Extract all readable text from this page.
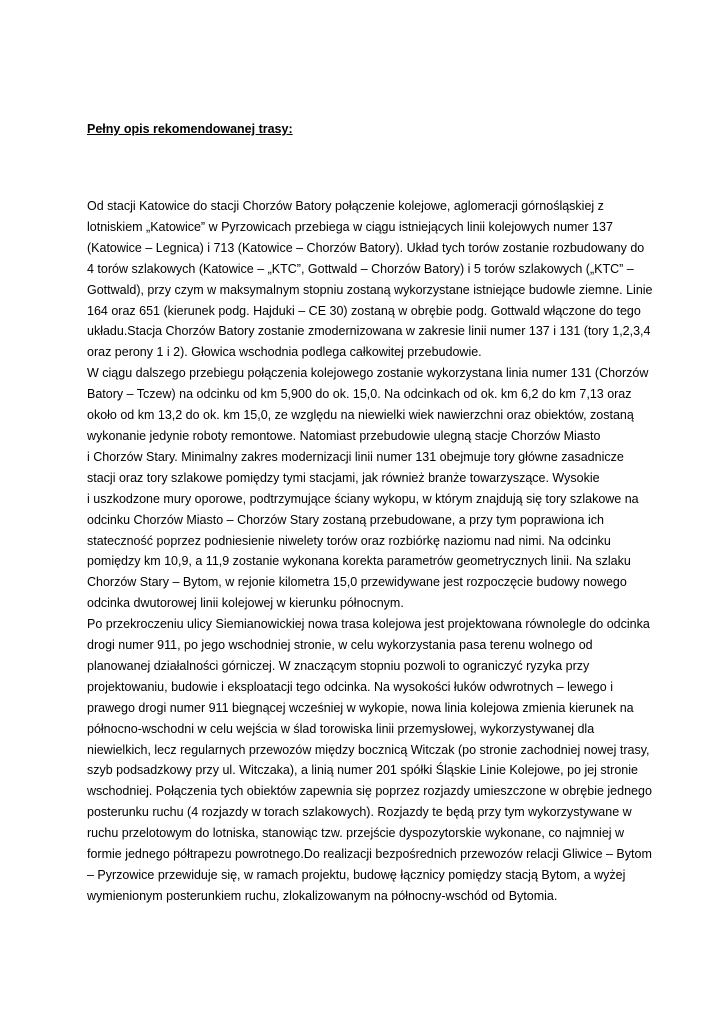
Pełny opis rekomendowanej trasy:
Od stacji Katowice do stacji Chorzów Batory połączenie kolejowe, aglomeracji górnośląskiej z
lotniskiem „Katowice” w Pyrzowicach przebiega w ciągu istniejących linii kolejowych numer 137
(Katowice – Legnica) i 713 (Katowice – Chorzów Batory). Układ tych torów zostanie rozbudowany do
4 torów szlakowych (Katowice – „KTC”, Gottwald – Chorzów Batory) i 5 torów szlakowych („KTC” –
Gottwald), przy czym w maksymalnym stopniu zostaną wykorzystane istniejące budowle ziemne. Linie
164 oraz 651 (kierunek podg. Hajduki – CE 30) zostaną w obrębie podg. Gottwald włączone do tego
układu.Stacja Chorzów Batory zostanie zmodernizowana w zakresie linii numer 137 i 131 (tory 1,2,3,4
oraz perony 1 i 2). Głowica wschodnia podlega całkowitej przebudowie.
W ciągu dalszego przebiegu połączenia kolejowego zostanie wykorzystana linia numer 131 (Chorzów
Batory – Tczew) na odcinku od km 5,900 do ok. 15,0. Na odcinkach od ok. km 6,2 do km 7,13 oraz
około od km 13,2 do ok. km 15,0, ze względu na niewielki wiek nawierzchni oraz obiektów, zostaną
wykonanie jedynie roboty remontowe. Natomiast przebudowie ulegną stacje Chorzów Miasto
i Chorzów Stary. Minimalny zakres modernizacji linii numer 131 obejmuje tory główne zasadnicze
stacji oraz tory szlakowe pomiędzy tymi stacjami, jak również branże towarzyszące. Wysokie
i uszkodzone mury oporowe, podtrzymujące ściany wykopu, w którym znajdują się tory szlakowe na
odcinku Chorzów Miasto – Chorzów Stary zostaną przebudowane, a przy tym poprawiona ich
stateczność poprzez podniesienie niwelety torów oraz rozbiórkę naziomu nad nimi. Na odcinku
pomiędzy km 10,9, a 11,9 zostanie wykonana korekta parametrów geometrycznych linii. Na szlaku
Chorzów Stary – Bytom, w rejonie kilometra 15,0 przewidywane jest rozpoczęcie budowy nowego
odcinka dwutorowej linii kolejowej w kierunku północnym.
Po przekroczeniu ulicy Siemianowickiej nowa trasa kolejowa jest projektowana równolegle do odcinka
drogi numer 911, po jego wschodniej stronie, w celu wykorzystania pasa terenu wolnego od
planowanej działalności górniczej. W znaczącym stopniu pozwoli to ograniczyć ryzyka przy
projektowaniu, budowie i eksploatacji tego odcinka. Na wysokości łuków odwrotnych – lewego i
prawego drogi numer 911 biegnącej wcześniej w wykopie, nowa linia kolejowa zmienia kierunek na
północno-wschodni w celu wejścia w ślad torowiska linii przemysłowej, wykorzystywanej dla
niewielkich, lecz regularnych przewozów między bocznicą Witczak (po stronie zachodniej nowej trasy,
szyb podsadzkowy przy ul. Witczaka), a linią numer 201 spółki Śląskie Linie Kolejowe, po jej stronie
wschodniej. Połączenia tych obiektów zapewnia się poprzez rozjazdy umieszczone w obrębie jednego
posterunku ruchu (4 rozjazdy w torach szlakowych). Rozjazdy te będą przy tym wykorzystywane w
ruchu przelotowym do lotniska, stanowiąc tzw. przejście dyspozytorskie wykonane, co najmniej w
formie jednego półtrapezu powrotnego.Do realizacji bezpośrednich przewozów relacji Gliwice – Bytom
– Pyrzowice przewiduje się, w ramach projektu, budowę łącznicy pomiędzy stacją Bytom, a wyżej
wymienionym posterunkiem ruchu, zlokalizowanym na północny-wschód od Bytomia.
